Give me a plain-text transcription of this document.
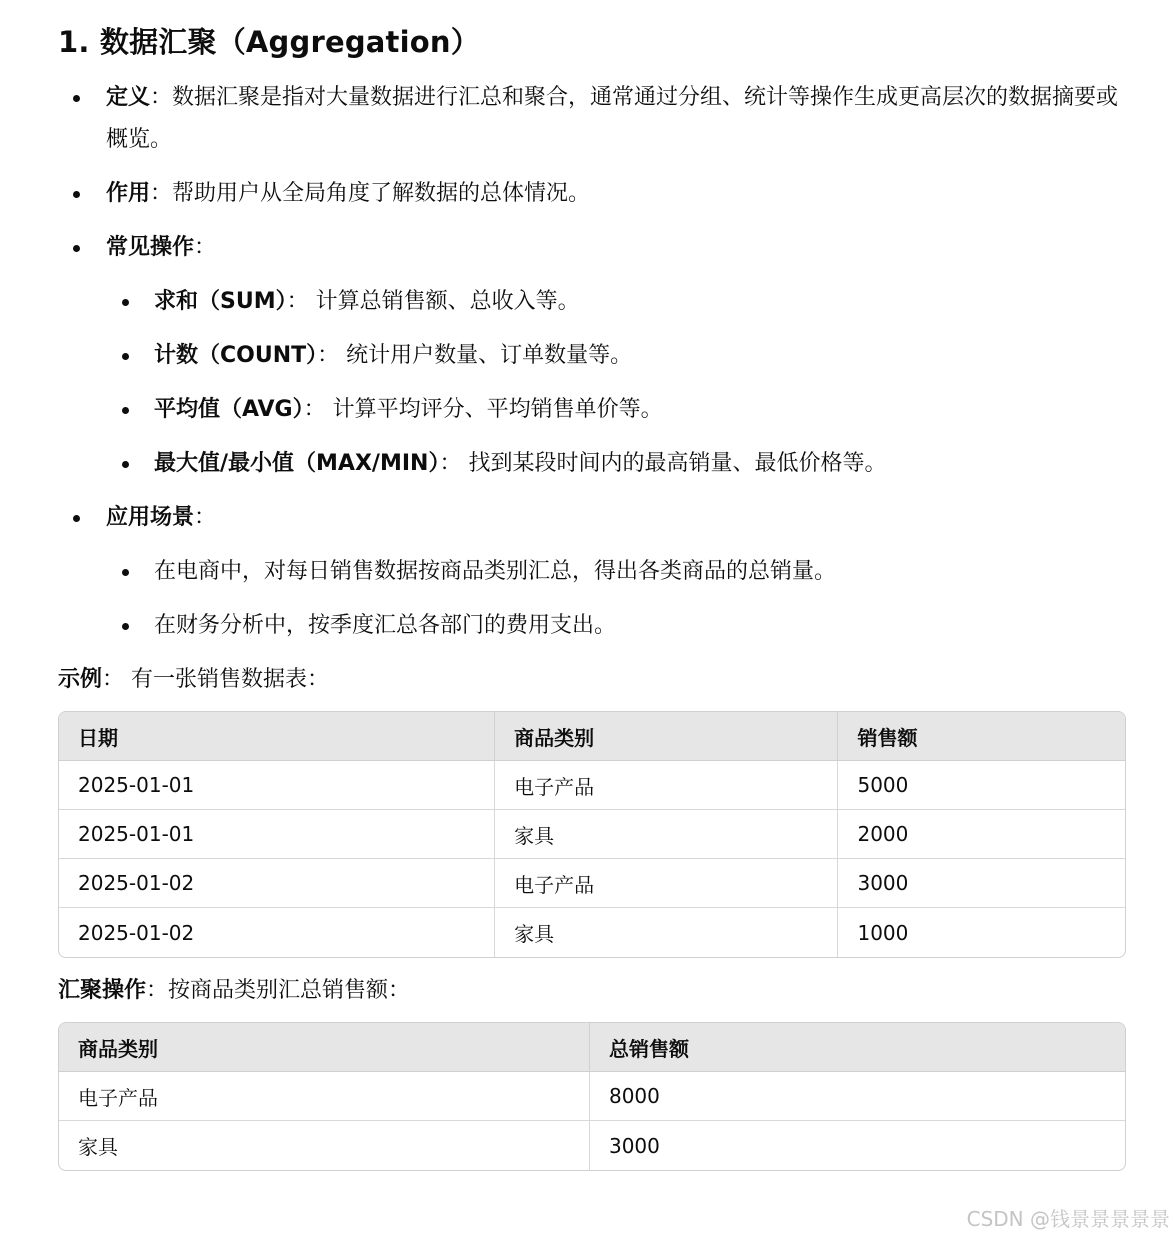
1. 数据汇聚（Aggregation）
定义：数据汇聚是指对大量数据进行汇总和聚合，通常通过分组、统计等操作生成更高层次的数据摘要或概览。
作用：帮助用户从全局角度了解数据的总体情况。
常见操作：
求和（SUM）： 计算总销售额、总收入等。
计数（COUNT）： 统计用户数量、订单数量等。
平均值（AVG）： 计算平均评分、平均销售单价等。
最大值/最小值（MAX/MIN）： 找到某段时间内的最高销量、最低价格等。
应用场景：
在电商中，对每日销售数据按商品类别汇总，得出各类商品的总销量。
在财务分析中，按季度汇总各部门的费用支出。

示例： 有一张销售数据表：

日期	商品类别	销售额
2025-01-01	电子产品	5000
2025-01-01	家具	2000
2025-01-02	电子产品	3000
2025-01-02	家具	1000

汇聚操作：按商品类别汇总销售额：

商品类别	总销售额
电子产品	8000
家具	3000
CSDN @钱景景景景景
